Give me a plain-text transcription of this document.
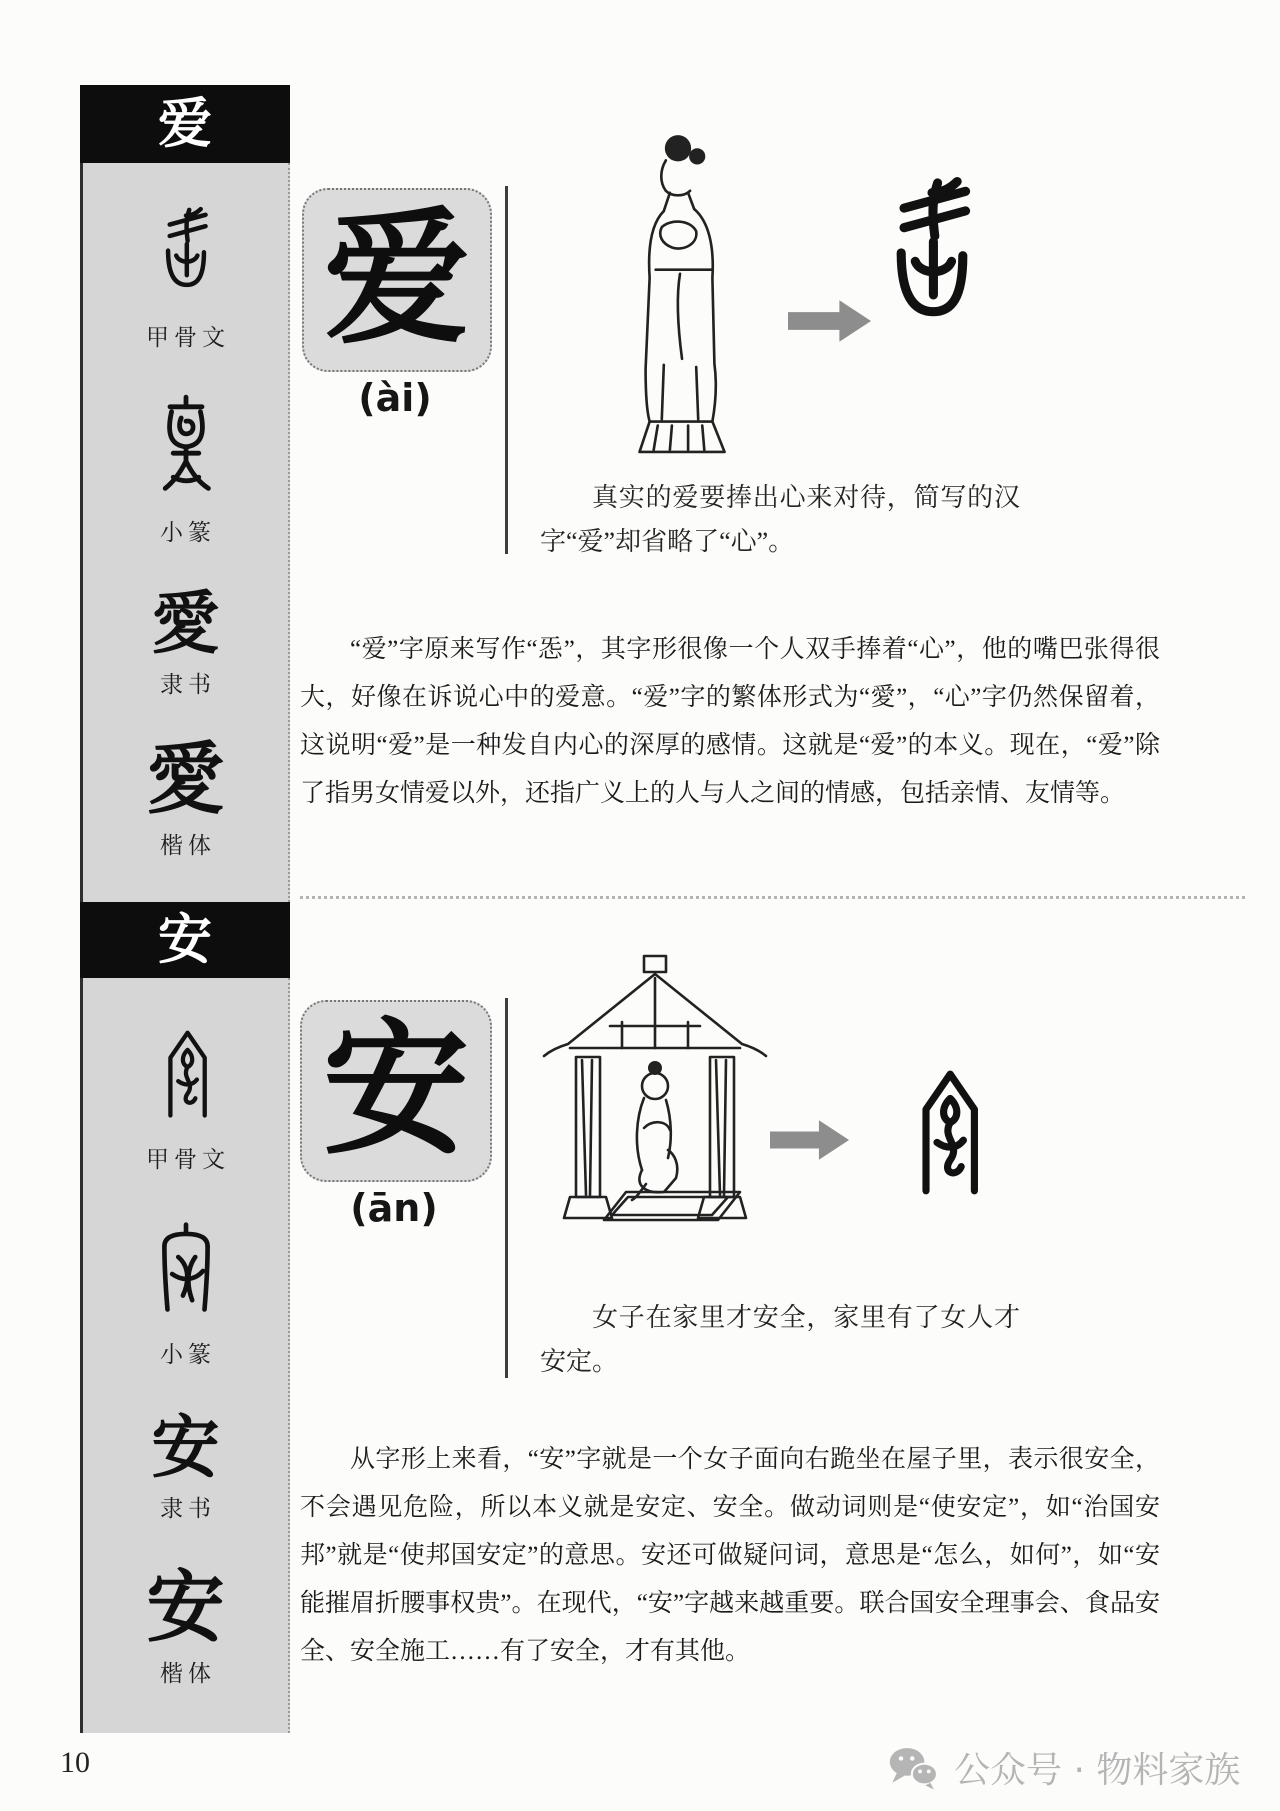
爱
甲骨文
小篆
愛
隶书
愛
楷体
安
甲骨文
小篆
安
隶书
安
楷体
爱
(ài)

真实的爱要捧出心来对待，简写的汉字“爱”却省略了“心”。

“爱”字原来写作“㤅”，其字形很像一个人双手捧着“心”，他的嘴巴张得很大，好像在诉说心中的爱意。“爱”字的繁体形式为“愛”，“心”字仍然保留着，这说明“爱”是一种发自内心的深厚的感情。这就是“爱”的本义。现在，“爱”除了指男女情爱以外，还指广义上的人与人之间的情感，包括亲情、友情等。

安
(ān)

女子在家里才安全，家里有了女人才安定。

从字形上来看，“安”字就是一个女子面向右跪坐在屋子里，表示很安全，不会遇见危险，所以本义就是安定、安全。做动词则是“使安定”，如“治国安邦”就是“使邦国安定”的意思。安还可做疑问词，意思是“怎么，如何”，如“安能摧眉折腰事权贵”。在现代，“安”字越来越重要。联合国安全理事会、食品安全、安全施工……有了安全，才有其他。

10	公众号 · 物料家族
